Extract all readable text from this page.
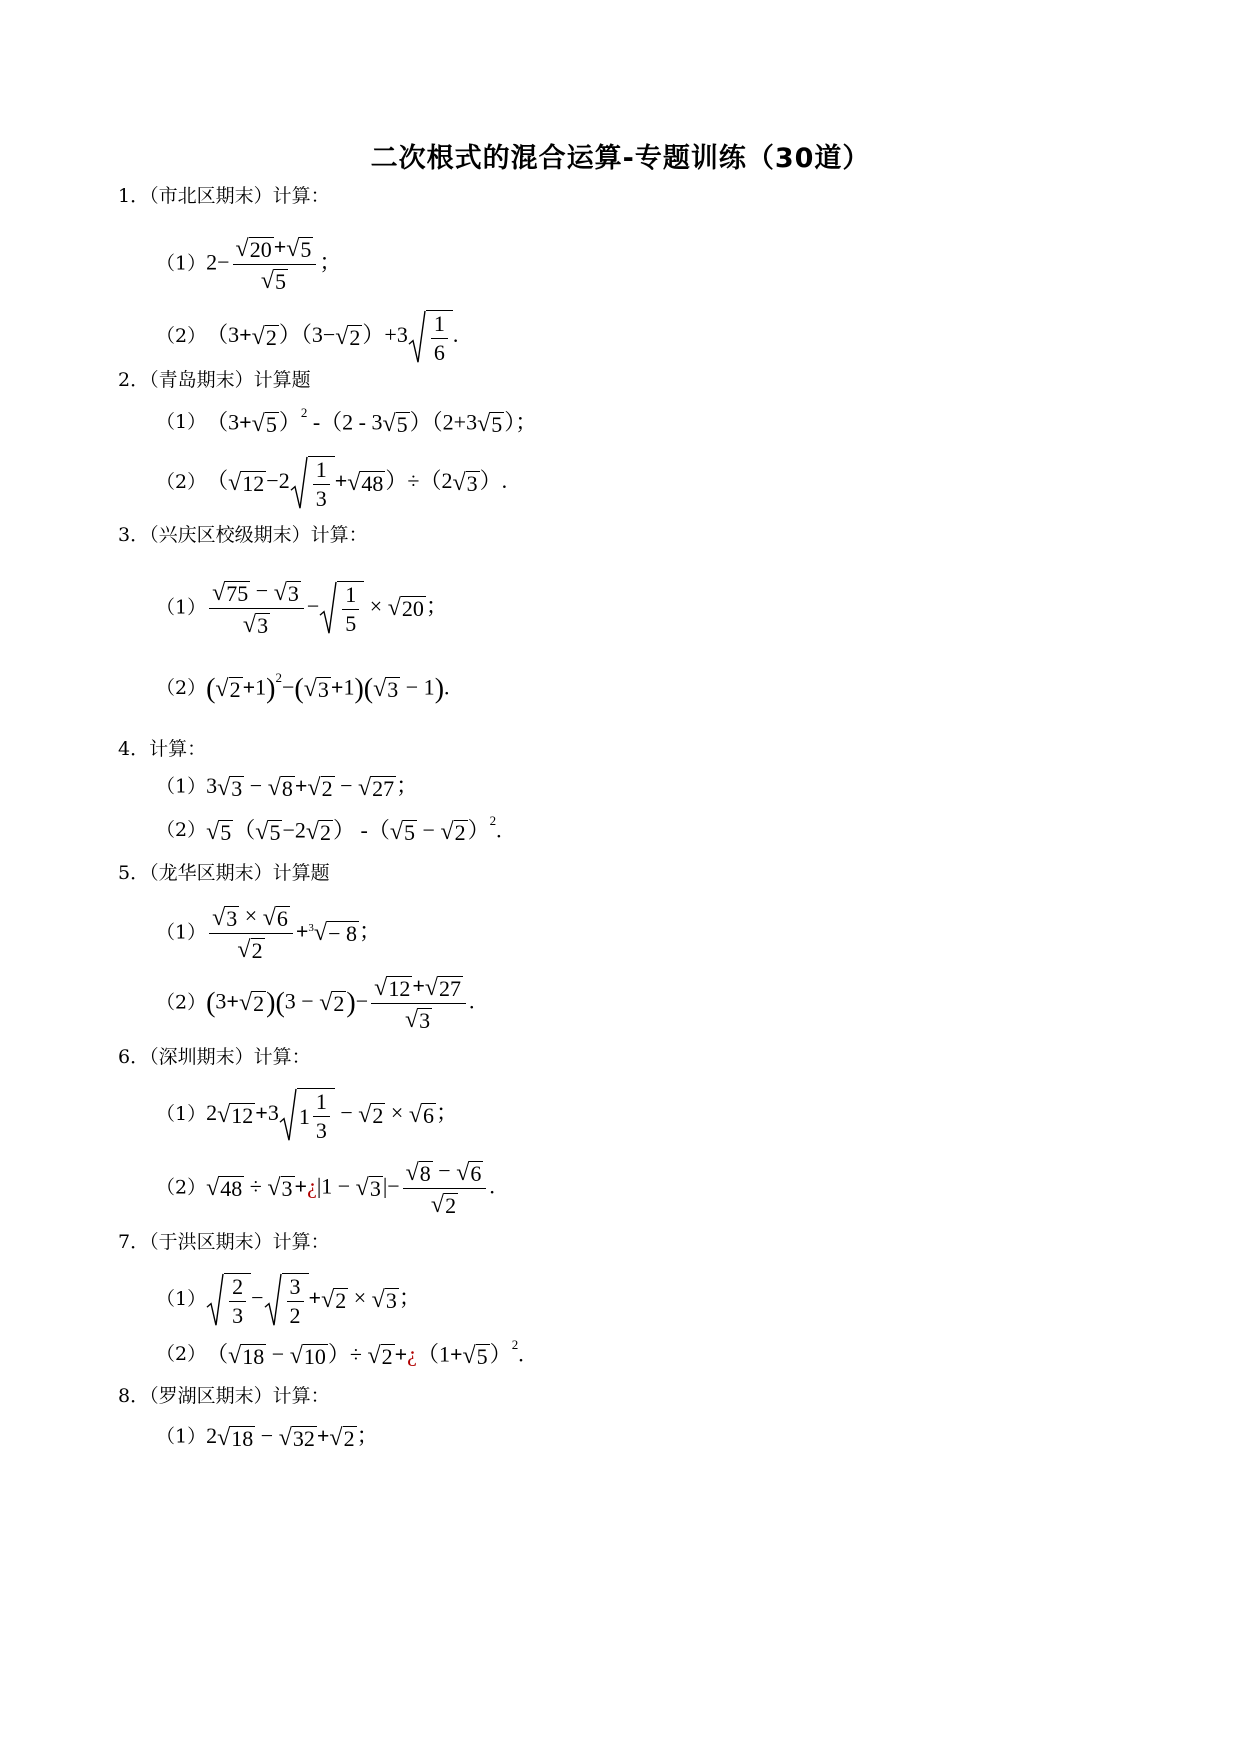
二次根式的混合运算-专题训练（30道）
1．（市北区期末）计算：
$(1)2- \frac{√ 20 + √ 5}{√ 5}$ ；
（2）（3+ √ 2 ）（3− √ 2 ）$+3 \frac{1}{6}$ .
2．（青岛期末）计算题
（1）（3+ √ 5 ）$^2$ -（2 - 3 √ 5 ）（2+3 √ 5 ）；
（2）（ √ $12 -2 \frac{1}{3}$ + √ 48 ）÷（2 √ 3 ）.
3．（兴庆区校级期末）计算：
$(1) \frac{√ 75 - √ 3}{√ 3} - \frac{1}{5}$ × √ 20 ；
（2）( √ 2 +1)$^2$−( √ 3 +1)( √ 3 − 1).
4．计算：
（1）3 √ 3 − √ 8 + √ 2 − √ 27 ；
（2） √ 5 （ √ 5 −2 √ 2 ） -（ √ 5 − √ 2 ）$^2$.
5．（龙华区期末）计算题
$(1) \frac{√ 3 \times √ 6}{√ 2} + ^3√ - 8$ ；
（2）(3+ √ 2 )(3 − √ 2 )− $\frac{√ 12 + √ 27}{√ 3}$ .
6．（深圳期末）计算：
（1）2 √ 12 +3 $1 \frac{1}{3}$ − √ 2 × √ 6 ；
（2） √ 48 ÷ √ 3 +¿|1 − √ 3 |− $\frac{√ 8 - √ 6}{√ 2}$ .
7．（于洪区期末）计算：
$(1) \frac{2}{3} - \frac{3}{2}$ + √ 2 × √ 3 ；
（2）（ √ 18 − √ 10 ）÷ √ 2 +¿（1+ √ 5 ）$^2$.
8．（罗湖区期末）计算：
（1）2 √ 18 − √ 32 + √ 2 ；
